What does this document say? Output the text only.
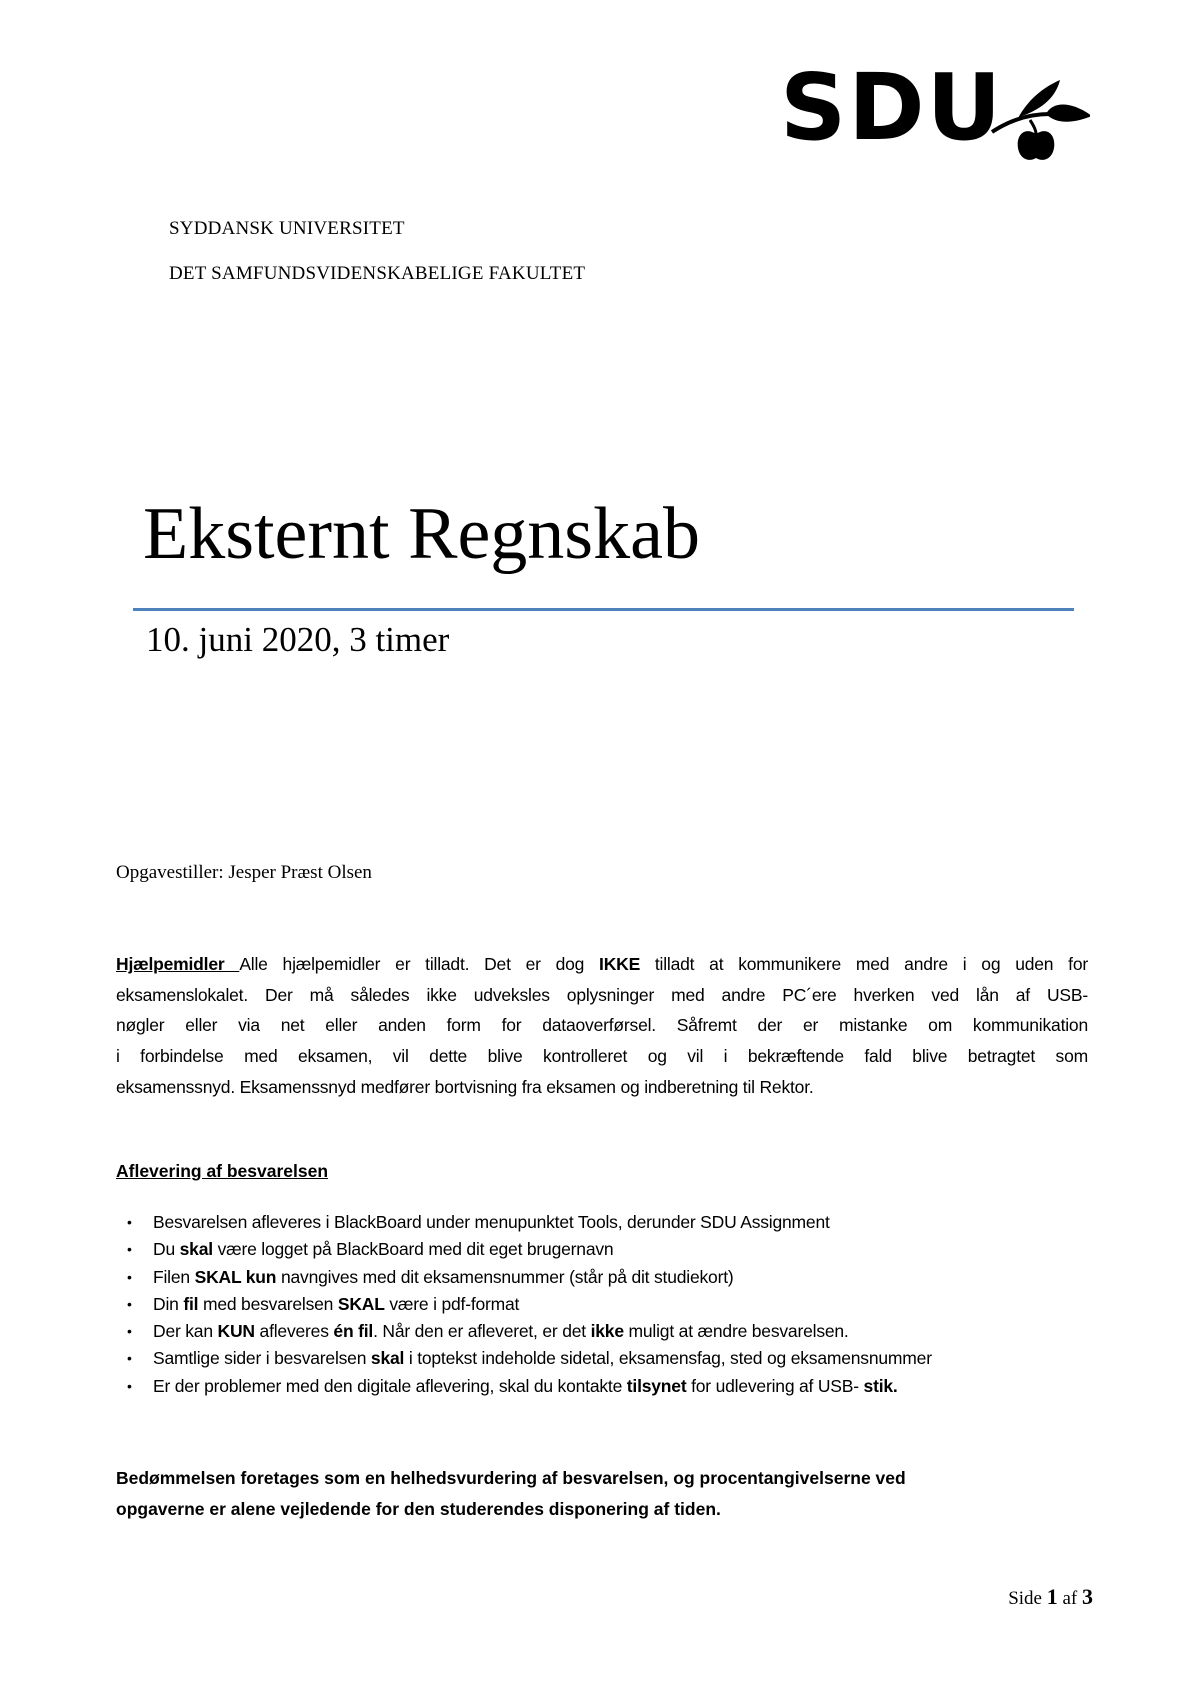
SDU
SYDDANSK UNIVERSITET
DET SAMFUNDSVIDENSKABELIGE FAKULTET
Eksternt Regnskab
10. juni 2020, 3 timer
Opgavestiller: Jesper Præst Olsen
Hjælpemidler Alle hjælpemidler er tilladt. Det er dog IKKE tilladt at kommunikere med andre i og uden for
eksamenslokalet. Der må således ikke udveksles oplysninger med andre PC´ere hverken ved lån af USB-
nøgler eller via net eller anden form for dataoverførsel. Såfremt der er mistanke om kommunikation
i forbindelse med eksamen, vil dette blive kontrolleret og vil i bekræftende fald blive betragtet som
eksamenssnyd. Eksamenssnyd medfører bortvisning fra eksamen og indberetning til Rektor.
Aflevering af besvarelsen
• Besvarelsen afleveres i BlackBoard under menupunktet Tools, derunder SDU Assignment
• Du skal være logget på BlackBoard med dit eget brugernavn
• Filen SKAL kun navngives med dit eksamensnummer (står på dit studiekort)
• Din fil med besvarelsen SKAL være i pdf-format
• Der kan KUN afleveres én fil. Når den er afleveret, er det ikke muligt at ændre besvarelsen.
• Samtlige sider i besvarelsen skal i toptekst indeholde sidetal, eksamensfag, sted og eksamensnummer
• Er der problemer med den digitale aflevering, skal du kontakte tilsynet for udlevering af USB- stik.
Bedømmelsen foretages som en helhedsvurdering af besvarelsen, og procentangivelserne ved
opgaverne er alene vejledende for den studerendes disponering af tiden.
Side 1 af 3
